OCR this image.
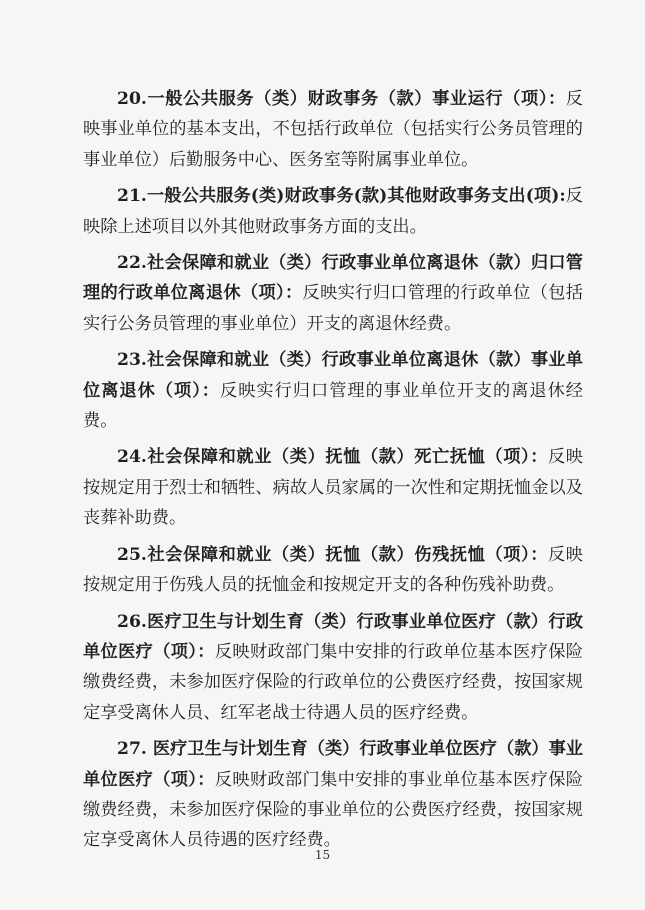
20.一般公共服务（类）财政事务（款）事业运行（项）：反映事业单位的基本支出，不包括行政单位（包括实行公务员管理的事业单位）后勤服务中心、医务室等附属事业单位。

21.一般公共服务(类)财政事务(款)其他财政事务支出(项):反映除上述项目以外其他财政事务方面的支出。

22.社会保障和就业（类）行政事业单位离退休（款）归口管理的行政单位离退休（项）：反映实行归口管理的行政单位（包括实行公务员管理的事业单位）开支的离退休经费。

23.社会保障和就业（类）行政事业单位离退休（款）事业单位离退休（项）：反映实行归口管理的事业单位开支的离退休经费。

24.社会保障和就业（类）抚恤（款）死亡抚恤（项）：反映按规定用于烈士和牺牲、病故人员家属的一次性和定期抚恤金以及丧葬补助费。

25.社会保障和就业（类）抚恤（款）伤残抚恤（项）：反映按规定用于伤残人员的抚恤金和按规定开支的各种伤残补助费。

26.医疗卫生与计划生育（类）行政事业单位医疗（款）行政单位医疗（项）：反映财政部门集中安排的行政单位基本医疗保险缴费经费，未参加医疗保险的行政单位的公费医疗经费，按国家规定享受离休人员、红军老战士待遇人员的医疗经费。

27. 医疗卫生与计划生育（类）行政事业单位医疗（款）事业单位医疗（项）：反映财政部门集中安排的事业单位基本医疗保险缴费经费，未参加医疗保险的事业单位的公费医疗经费，按国家规定享受离休人员待遇的医疗经费。

15
